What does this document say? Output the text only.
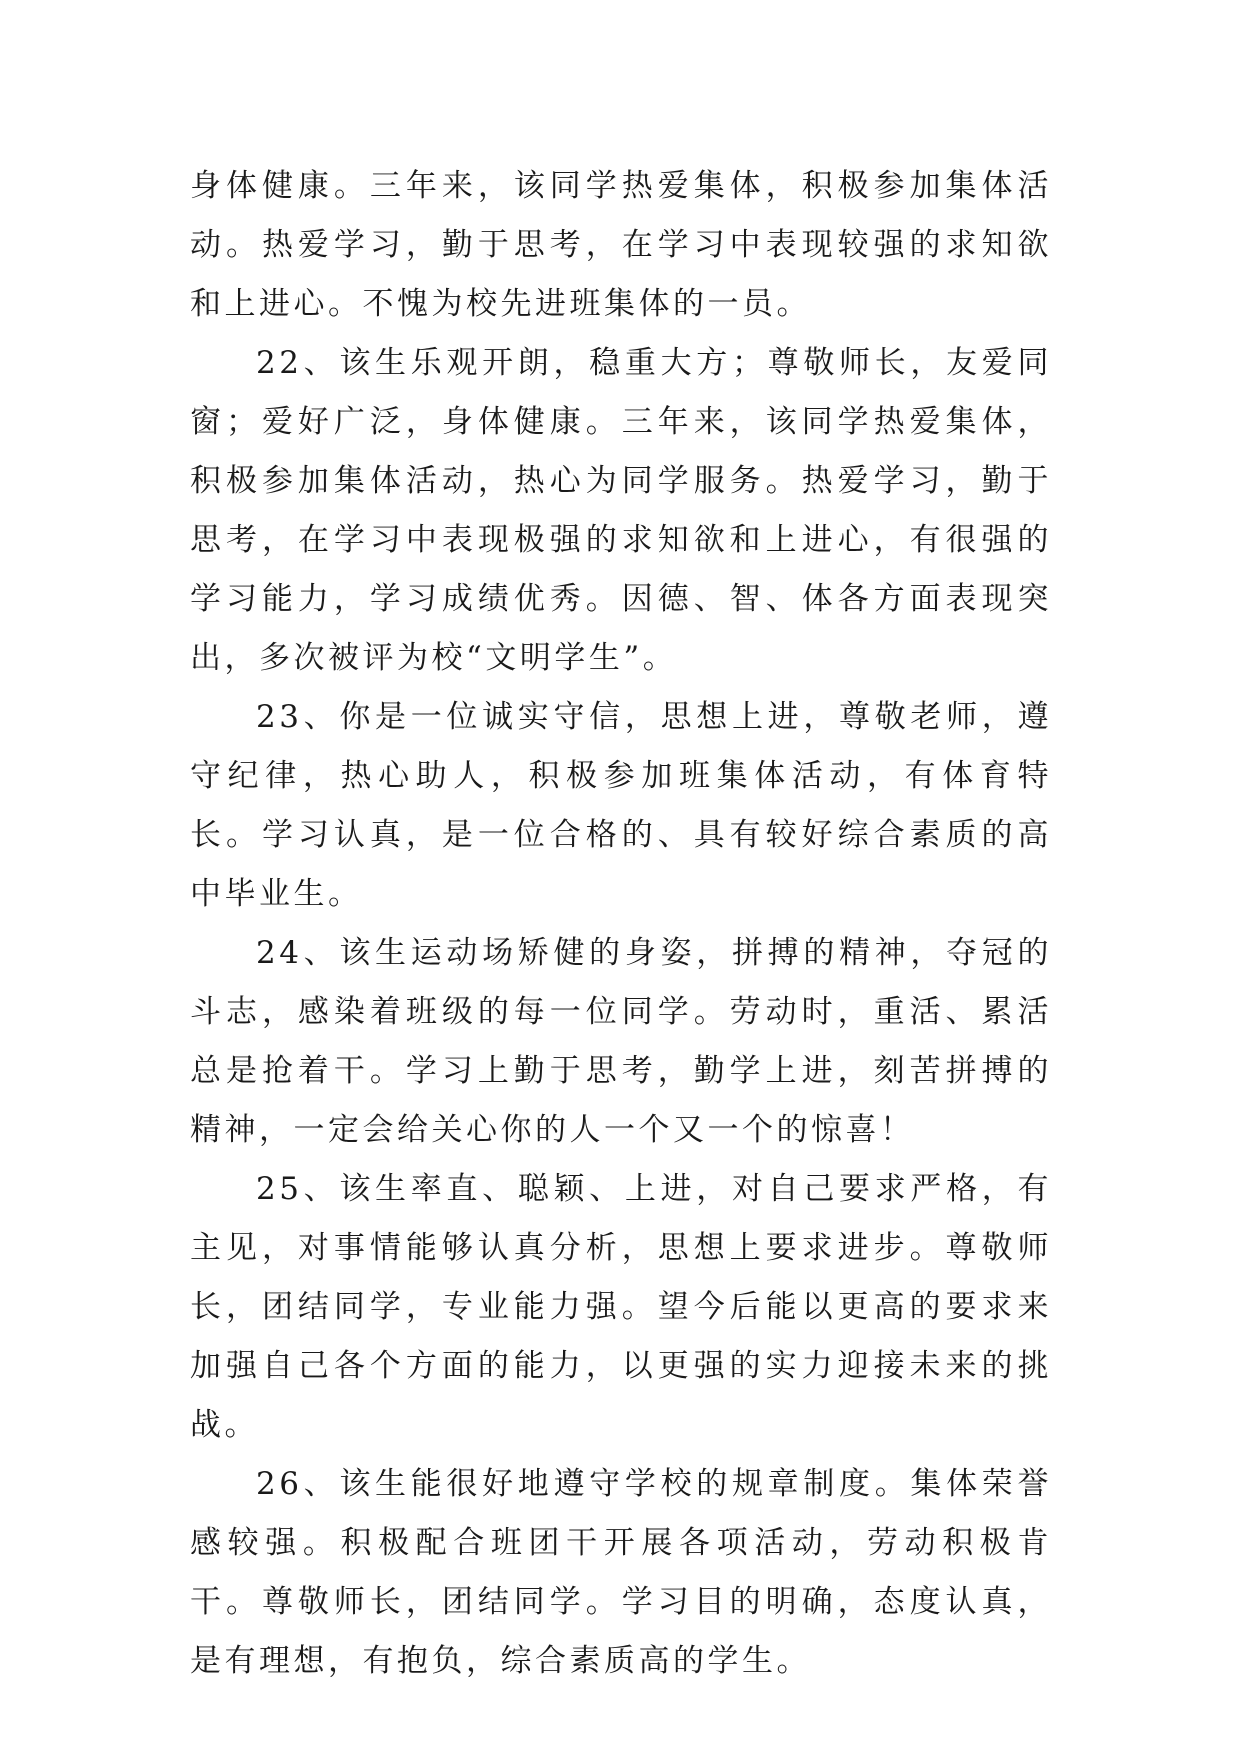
身体健康。三年来，该同学热爱集体，积极参加集体活动。热爱学习，勤于思考，在学习中表现较强的求知欲和上进心。不愧为校先进班集体的一员。

22、该生乐观开朗，稳重大方；尊敬师长，友爱同窗；爱好广泛，身体健康。三年来，该同学热爱集体，积极参加集体活动，热心为同学服务。热爱学习，勤于思考，在学习中表现极强的求知欲和上进心，有很强的学习能力，学习成绩优秀。因德、智、体各方面表现突出，多次被评为校“文明学生”。

23、你是一位诚实守信，思想上进，尊敬老师，遵守纪律，热心助人，积极参加班集体活动，有体育特长。学习认真，是一位合格的、具有较好综合素质的高中毕业生。

24、该生运动场矫健的身姿，拼搏的精神，夺冠的斗志，感染着班级的每一位同学。劳动时，重活、累活总是抢着干。学习上勤于思考，勤学上进，刻苦拼搏的精神，一定会给关心你的人一个又一个的惊喜！

25、该生率直、聪颖、上进，对自己要求严格，有主见，对事情能够认真分析，思想上要求进步。尊敬师长，团结同学，专业能力强。望今后能以更高的要求来加强自己各个方面的能力，以更强的实力迎接未来的挑战。

26、该生能很好地遵守学校的规章制度。集体荣誉感较强。积极配合班团干开展各项活动，劳动积极肯干。尊敬师长，团结同学。学习目的明确，态度认真，是有理想，有抱负，综合素质高的学生。
